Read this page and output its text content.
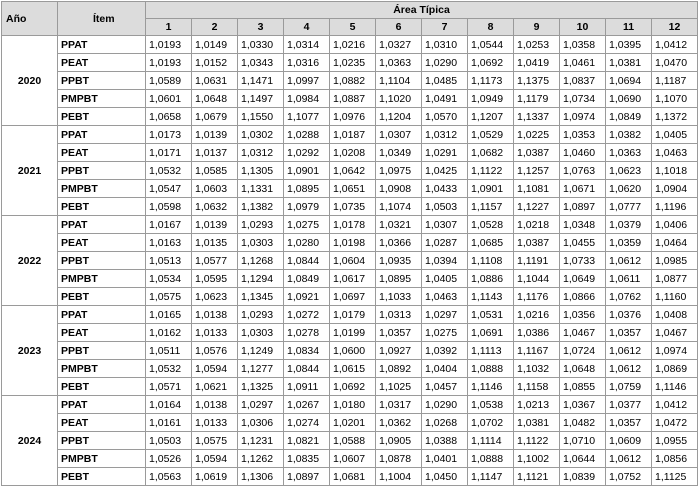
Año	Ítem	Área Típica											
		1	2	3	4	5	6	7	8	9	10	11	12
2020	PPAT	1,0193	1,0149	1,0330	1,0314	1,0216	1,0327	1,0310	1,0544	1,0253	1,0358	1,0395	1,0412
	PEAT	1,0193	1,0152	1,0343	1,0316	1,0235	1,0363	1,0290	1,0692	1,0419	1,0461	1,0381	1,0470
	PPBT	1,0589	1,0631	1,1471	1,0997	1,0882	1,1104	1,0485	1,1173	1,1375	1,0837	1,0694	1,1187
	PMPBT	1,0601	1,0648	1,1497	1,0984	1,0887	1,1020	1,0491	1,0949	1,1179	1,0734	1,0690	1,1070
	PEBT	1,0658	1,0679	1,1550	1,1077	1,0976	1,1204	1,0570	1,1207	1,1337	1,0974	1,0849	1,1372
2021	PPAT	1,0173	1,0139	1,0302	1,0288	1,0187	1,0307	1,0312	1,0529	1,0225	1,0353	1,0382	1,0405
	PEAT	1,0171	1,0137	1,0312	1,0292	1,0208	1,0349	1,0291	1,0682	1,0387	1,0460	1,0363	1,0463
	PPBT	1,0532	1,0585	1,1305	1,0901	1,0642	1,0975	1,0425	1,1122	1,1257	1,0763	1,0623	1,1018
	PMPBT	1,0547	1,0603	1,1331	1,0895	1,0651	1,0908	1,0433	1,0901	1,1081	1,0671	1,0620	1,0904
	PEBT	1,0598	1,0632	1,1382	1,0979	1,0735	1,1074	1,0503	1,1157	1,1227	1,0897	1,0777	1,1196
2022	PPAT	1,0167	1,0139	1,0293	1,0275	1,0178	1,0321	1,0307	1,0528	1,0218	1,0348	1,0379	1,0406
	PEAT	1,0163	1,0135	1,0303	1,0280	1,0198	1,0366	1,0287	1,0685	1,0387	1,0455	1,0359	1,0464
	PPBT	1,0513	1,0577	1,1268	1,0844	1,0604	1,0935	1,0394	1,1108	1,1191	1,0733	1,0612	1,0985
	PMPBT	1,0534	1,0595	1,1294	1,0849	1,0617	1,0895	1,0405	1,0886	1,1044	1,0649	1,0611	1,0877
	PEBT	1,0575	1,0623	1,1345	1,0921	1,0697	1,1033	1,0463	1,1143	1,1176	1,0866	1,0762	1,1160
2023	PPAT	1,0165	1,0138	1,0293	1,0272	1,0179	1,0313	1,0297	1,0531	1,0216	1,0356	1,0376	1,0408
	PEAT	1,0162	1,0133	1,0303	1,0278	1,0199	1,0357	1,0275	1,0691	1,0386	1,0467	1,0357	1,0467
	PPBT	1,0511	1,0576	1,1249	1,0834	1,0600	1,0927	1,0392	1,1113	1,1167	1,0724	1,0612	1,0974
	PMPBT	1,0532	1,0594	1,1277	1,0844	1,0615	1,0892	1,0404	1,0888	1,1032	1,0648	1,0612	1,0869
	PEBT	1,0571	1,0621	1,1325	1,0911	1,0692	1,1025	1,0457	1,1146	1,1158	1,0855	1,0759	1,1146
2024	PPAT	1,0164	1,0138	1,0297	1,0267	1,0180	1,0317	1,0290	1,0538	1,0213	1,0367	1,0377	1,0412
	PEAT	1,0161	1,0133	1,0306	1,0274	1,0201	1,0362	1,0268	1,0702	1,0381	1,0482	1,0357	1,0472
	PPBT	1,0503	1,0575	1,1231	1,0821	1,0588	1,0905	1,0388	1,1114	1,1122	1,0710	1,0609	1,0955
	PMPBT	1,0526	1,0594	1,1262	1,0835	1,0607	1,0878	1,0401	1,0888	1,1002	1,0644	1,0612	1,0856
	PEBT	1,0563	1,0619	1,1306	1,0897	1,0681	1,1004	1,0450	1,1147	1,1121	1,0839	1,0752	1,1125
